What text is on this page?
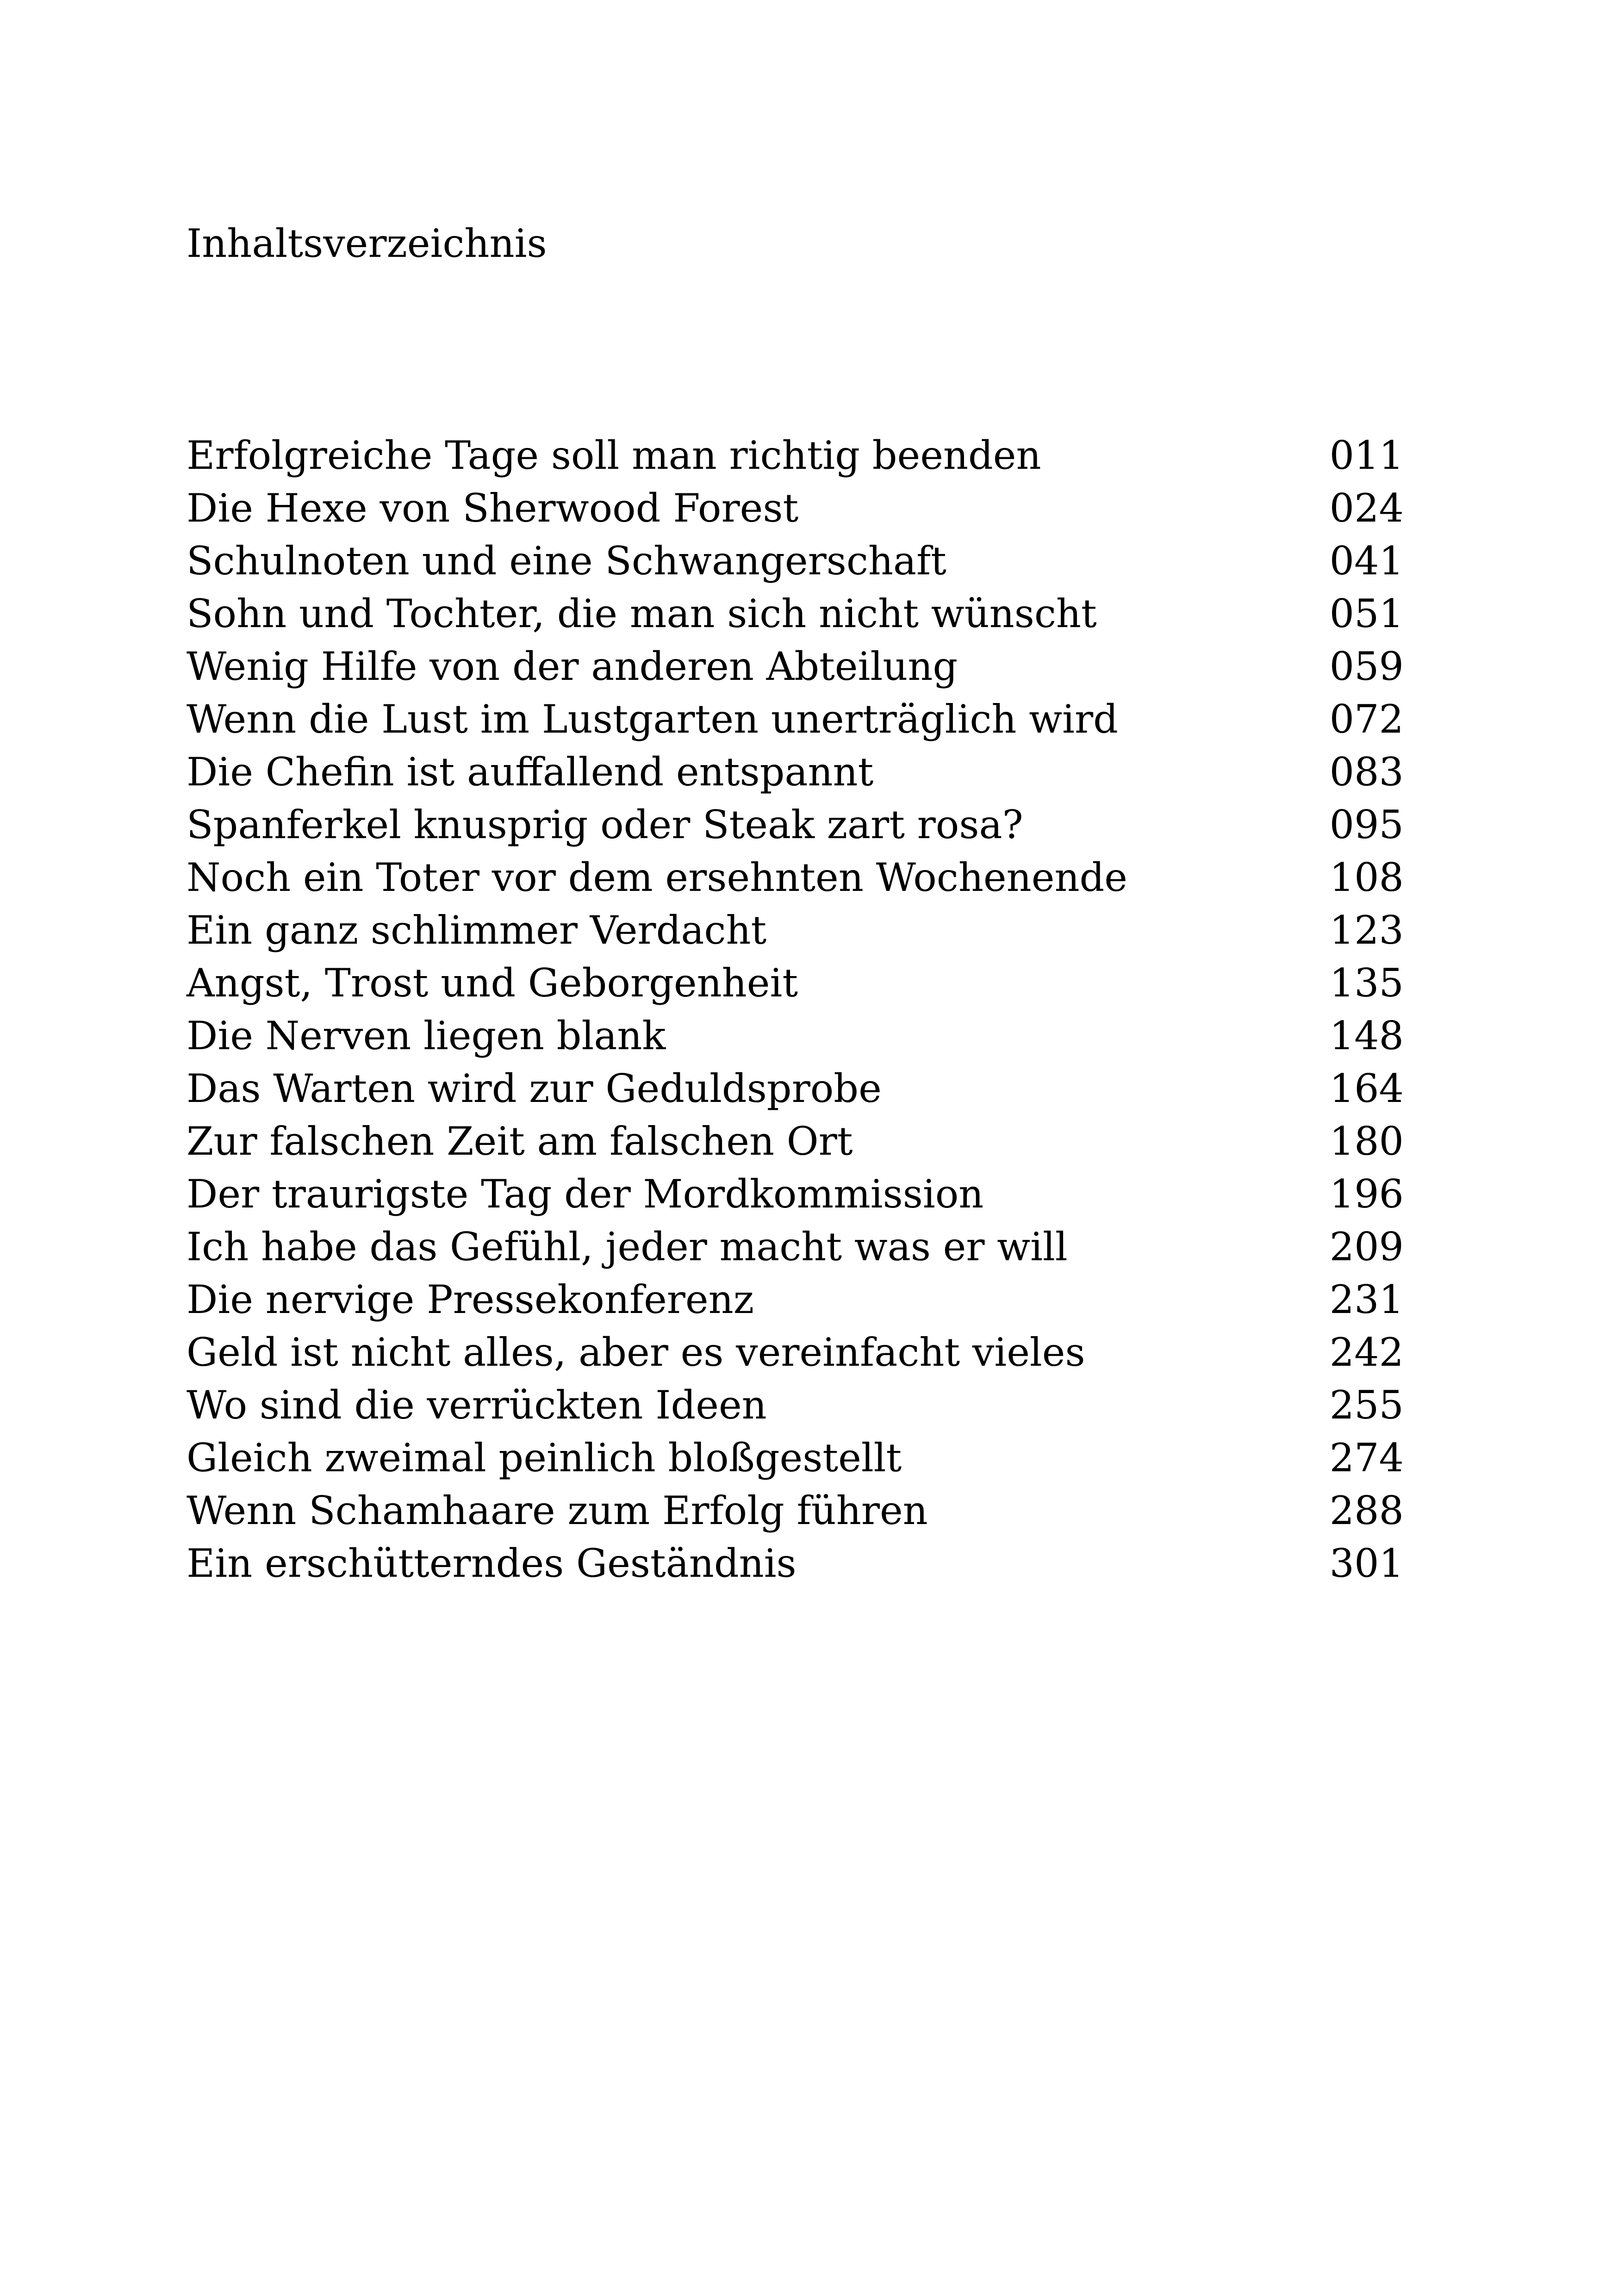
Inhaltsverzeichnis
Erfolgreiche Tage soll man richtig beenden	011
Die Hexe von Sherwood Forest	024
Schulnoten und eine Schwangerschaft	041
Sohn und Tochter, die man sich nicht wünscht	051
Wenig Hilfe von der anderen Abteilung	059
Wenn die Lust im Lustgarten unerträglich wird	072
Die Chefin ist auffallend entspannt	083
Spanferkel knusprig oder Steak zart rosa?	095
Noch ein Toter vor dem ersehnten Wochenende	108
Ein ganz schlimmer Verdacht	123
Angst, Trost und Geborgenheit	135
Die Nerven liegen blank	148
Das Warten wird zur Geduldsprobe	164
Zur falschen Zeit am falschen Ort	180
Der traurigste Tag der Mordkommission	196
Ich habe das Gefühl, jeder macht was er will	209
Die nervige Pressekonferenz	231
Geld ist nicht alles, aber es vereinfacht vieles	242
Wo sind die verrückten Ideen	255
Gleich zweimal peinlich bloßgestellt	274
Wenn Schamhaare zum Erfolg führen	288
Ein erschütterndes Geständnis	301
